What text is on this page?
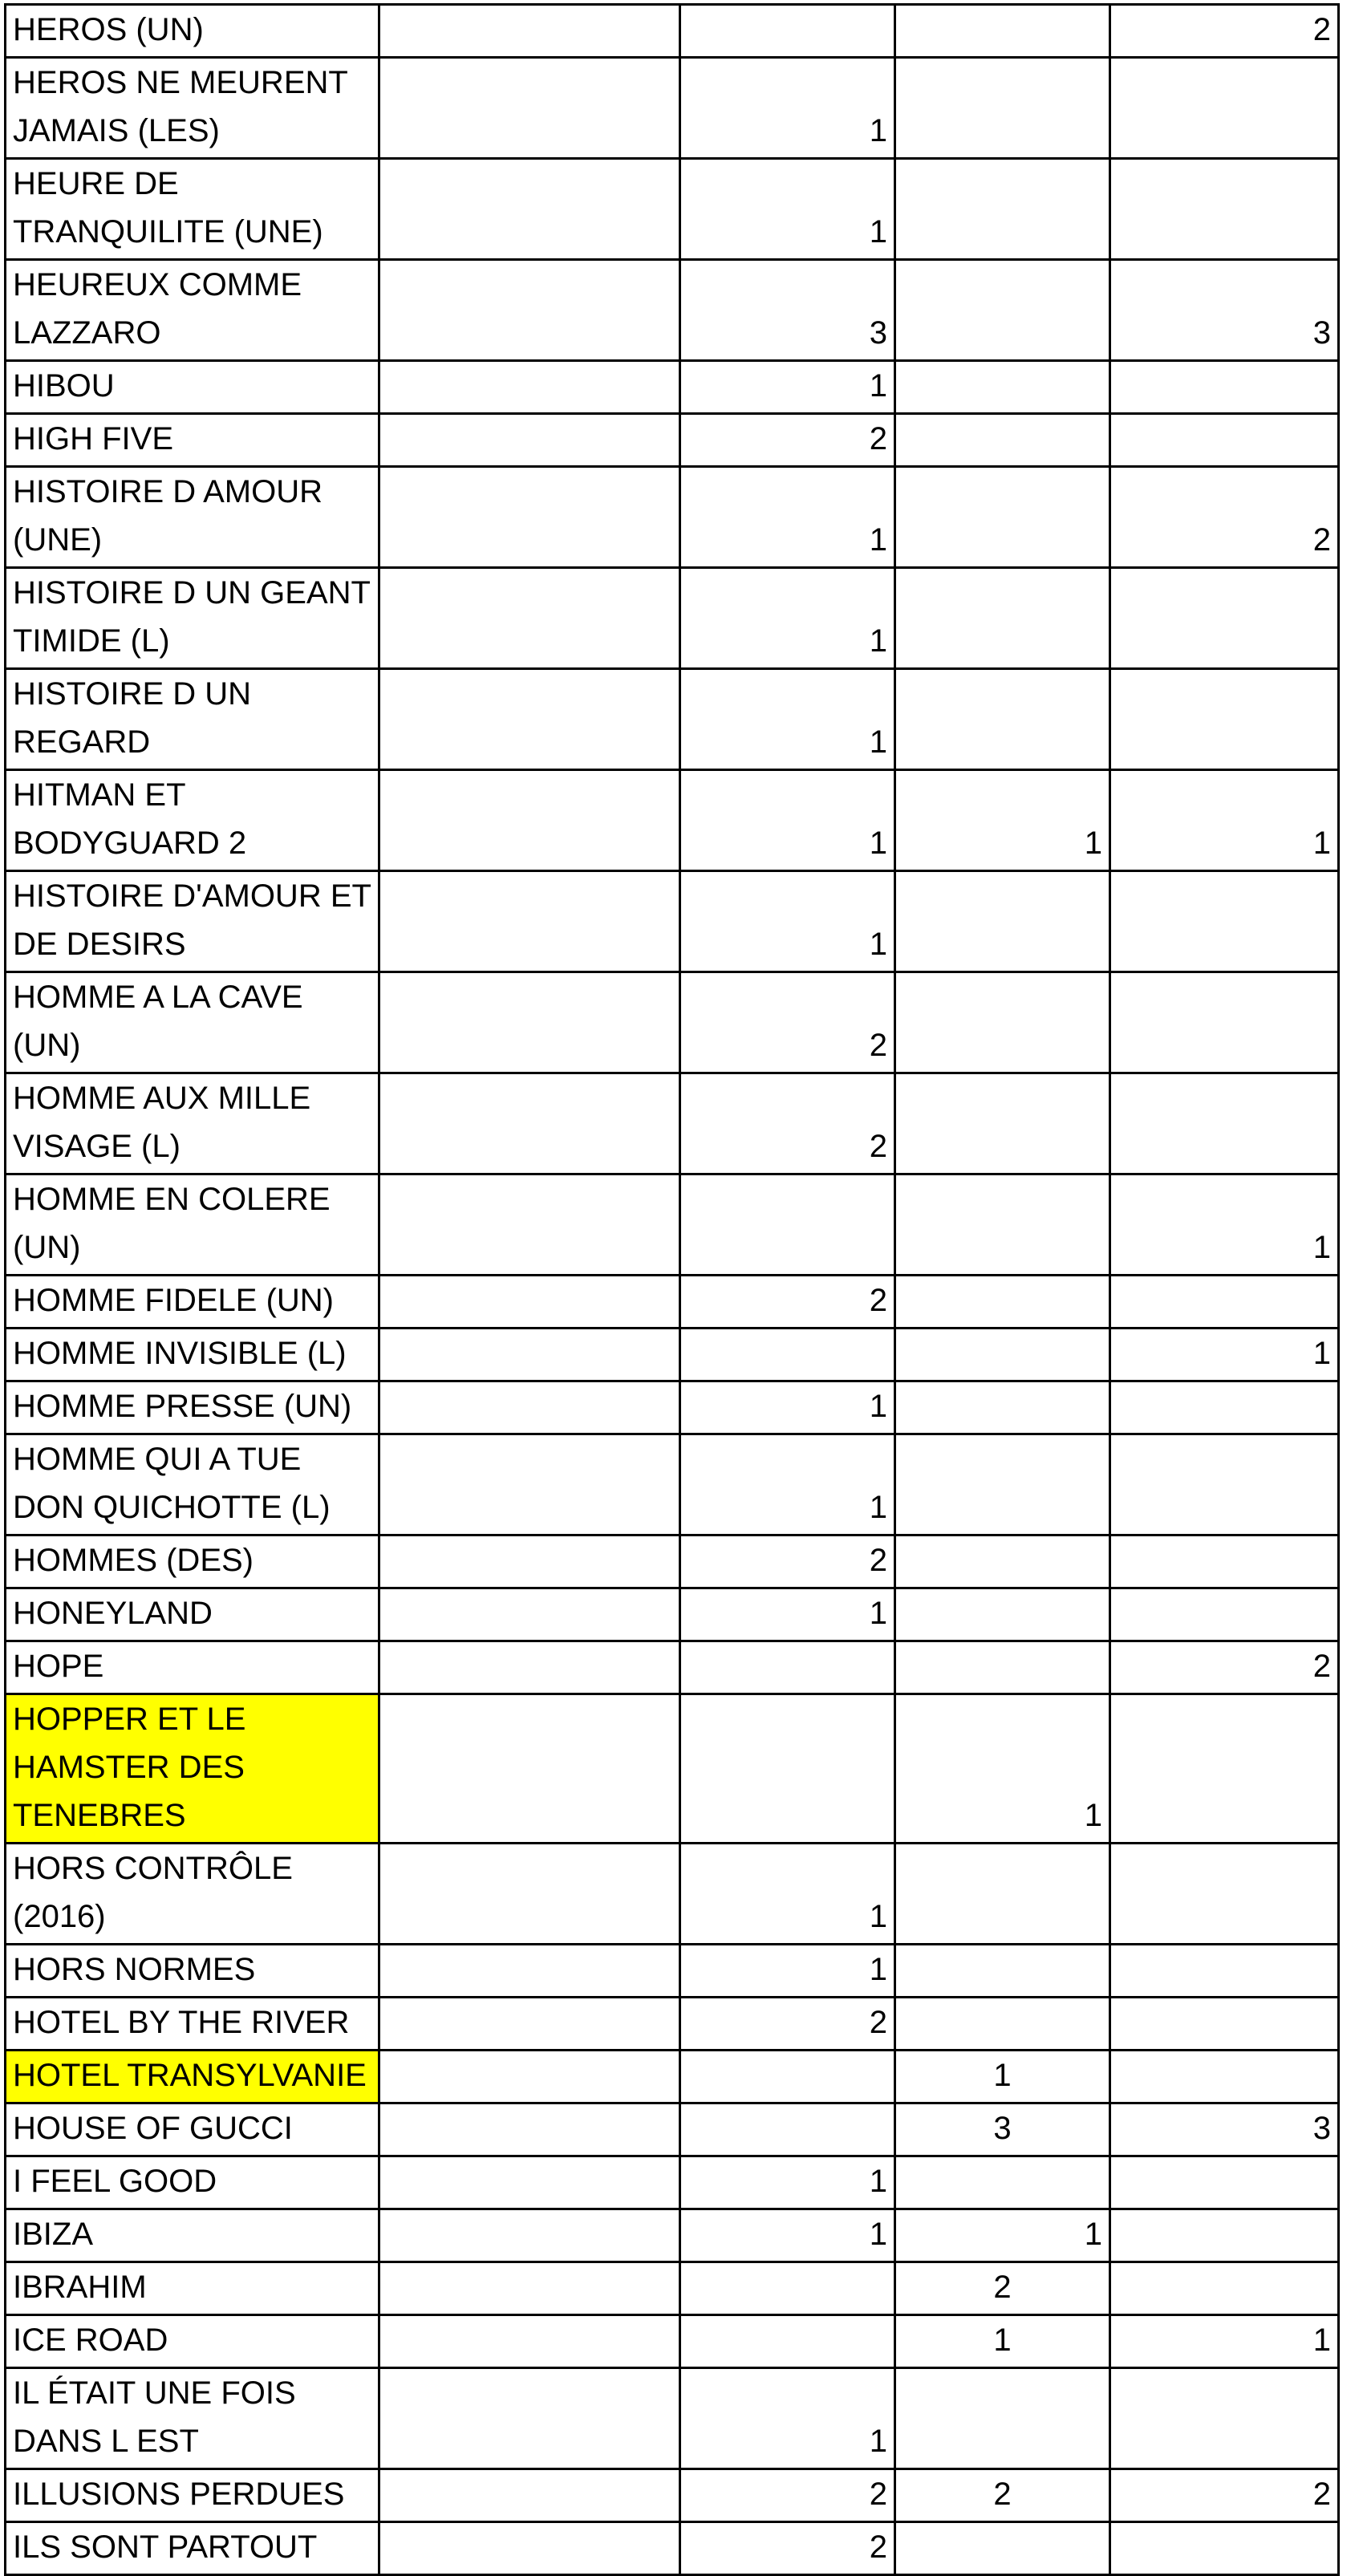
HEROS (UN)				2
HEROS NE MEURENT JAMAIS (LES)		1		
HEURE DE TRANQUILITE (UNE)		1		
HEUREUX COMME LAZZARO		3		3
HIBOU		1		
HIGH FIVE		2		
HISTOIRE D AMOUR (UNE)		1		2
HISTOIRE D UN GEANT TIMIDE (L)		1		
HISTOIRE D UN REGARD		1		
HITMAN ET BODYGUARD 2		1	1	1
HISTOIRE D'AMOUR ET DE DESIRS		1		
HOMME A LA CAVE (UN)		2		
HOMME AUX MILLE VISAGE (L)		2		
HOMME EN COLERE (UN)				1
HOMME FIDELE (UN)		2		
HOMME INVISIBLE (L)				1
HOMME PRESSE (UN)		1		
HOMME QUI A TUE DON QUICHOTTE (L)		1		
HOMMES (DES)		2		
HONEYLAND		1		
HOPE				2
HOPPER ET LE HAMSTER DES TENEBRES			1	
HORS CONTRÔLE (2016)		1		
HORS NORMES		1		
HOTEL BY THE RIVER		2		
HOTEL TRANSYLVANIE			1	
HOUSE OF GUCCI			3	3
I FEEL GOOD		1		
IBIZA		1	1	
IBRAHIM			2	
ICE ROAD			1	1
IL ÉTAIT UNE FOIS DANS L EST		1		
ILLUSIONS PERDUES		2	2	2
ILS SONT PARTOUT		2		
